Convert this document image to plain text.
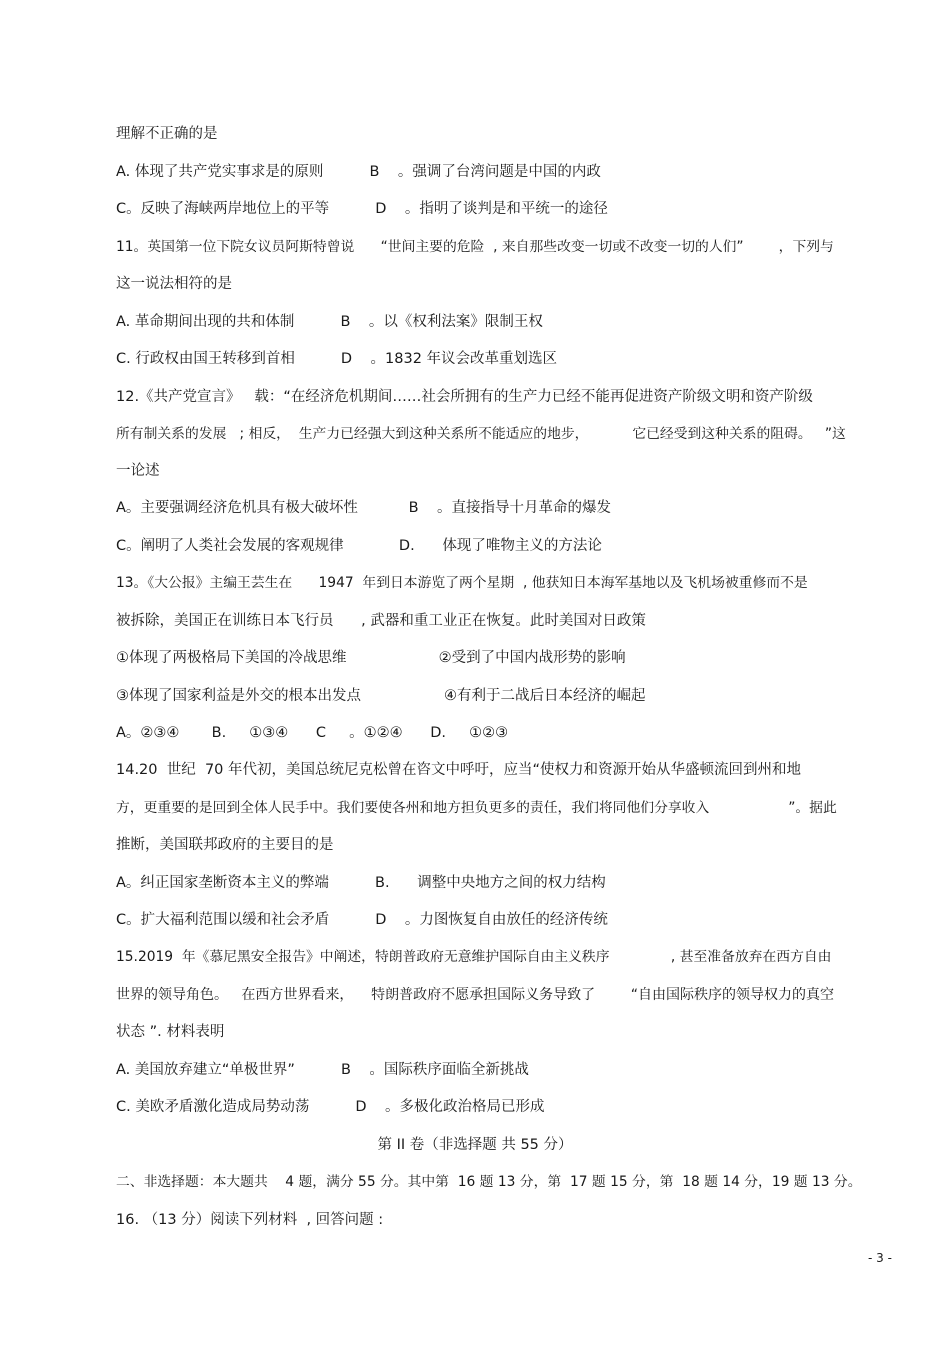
理解不正确的是
A. 体现了共产党实事求是的原则          B    。强调了台湾问题是中国的内政
C。反映了海峡两岸地位上的平等          D    。指明了谈判是和平统一的途径
11。英国第一位下院女议员阿斯特曾说      “世间主要的危险  , 来自那些改变一切或不改变一切的人们”        ，下列与
这一说法相符的是
A. 革命期间出现的共和体制          B    。以《权利法案》限制王权
C. 行政权由国王转移到首相          D    。1832 年议会改革重划选区
12.《共产党宣言》   载：“在经济危机期间……社会所拥有的生产力已经不能再促进资产阶级文明和资产阶级
所有制关系的发展   ; 相反，  生产力已经强大到这种关系所不能适应的地步，          它已经受到这种关系的阻碍。   ”这
一论述
A。主要强调经济危机具有极大破坏性           B    。直接指导十月革命的爆发
C。阐明了人类社会发展的客观规律            D.      体现了唯物主义的方法论
13。《大公报》主编王芸生在      1947  年到日本游览了两个星期  , 他获知日本海军基地以及飞机场被重修而不是
被拆除，美国正在训练日本飞行员      , 武器和重工业正在恢复。此时美国对日政策
①体现了两极格局下美国的冷战思维                    ②受到了中国内战形势的影响
③体现了国家利益是外交的根本出发点                  ④有利于二战后日本经济的崛起
A。②③④       B.     ①③④      C     。①②④      D.     ①②③
14.20  世纪  70 年代初，美国总统尼克松曾在咨文中呼吁，应当“使权力和资源开始从华盛顿流回到州和地
方，更重要的是回到全体人民手中。我们要使各州和地方担负更多的责任，我们将同他们分享收入                  ”。据此
推断，美国联邦政府的主要目的是
A。纠正国家垄断资本主义的弊端          B.      调整中央地方之间的权力结构
C。扩大福利范围以缓和社会矛盾          D    。力图恢复自由放任的经济传统
15.2019  年《慕尼黑安全报告》中阐述，特朗普政府无意维护国际自由主义秩序              , 甚至准备放弃在西方自由
世界的领导角色。   在西方世界看来，    特朗普政府不愿承担国际义务导致了        “自由国际秩序的领导权力的真空
状态 ”. 材料表明
A. 美国放弃建立“单极世界”          B    。国际秩序面临全新挑战
C. 美欧矛盾激化造成局势动荡          D    。多极化政治格局已形成
第 II 卷（非选择题 共 55 分）
二、非选择题：本大题共    4 题，满分 55 分。其中第  16 题 13 分，第  17 题 15 分，第  18 题 14 分，19 题 13 分。
16. （13 分）阅读下列材料  , 回答问题 :
- 3 -
